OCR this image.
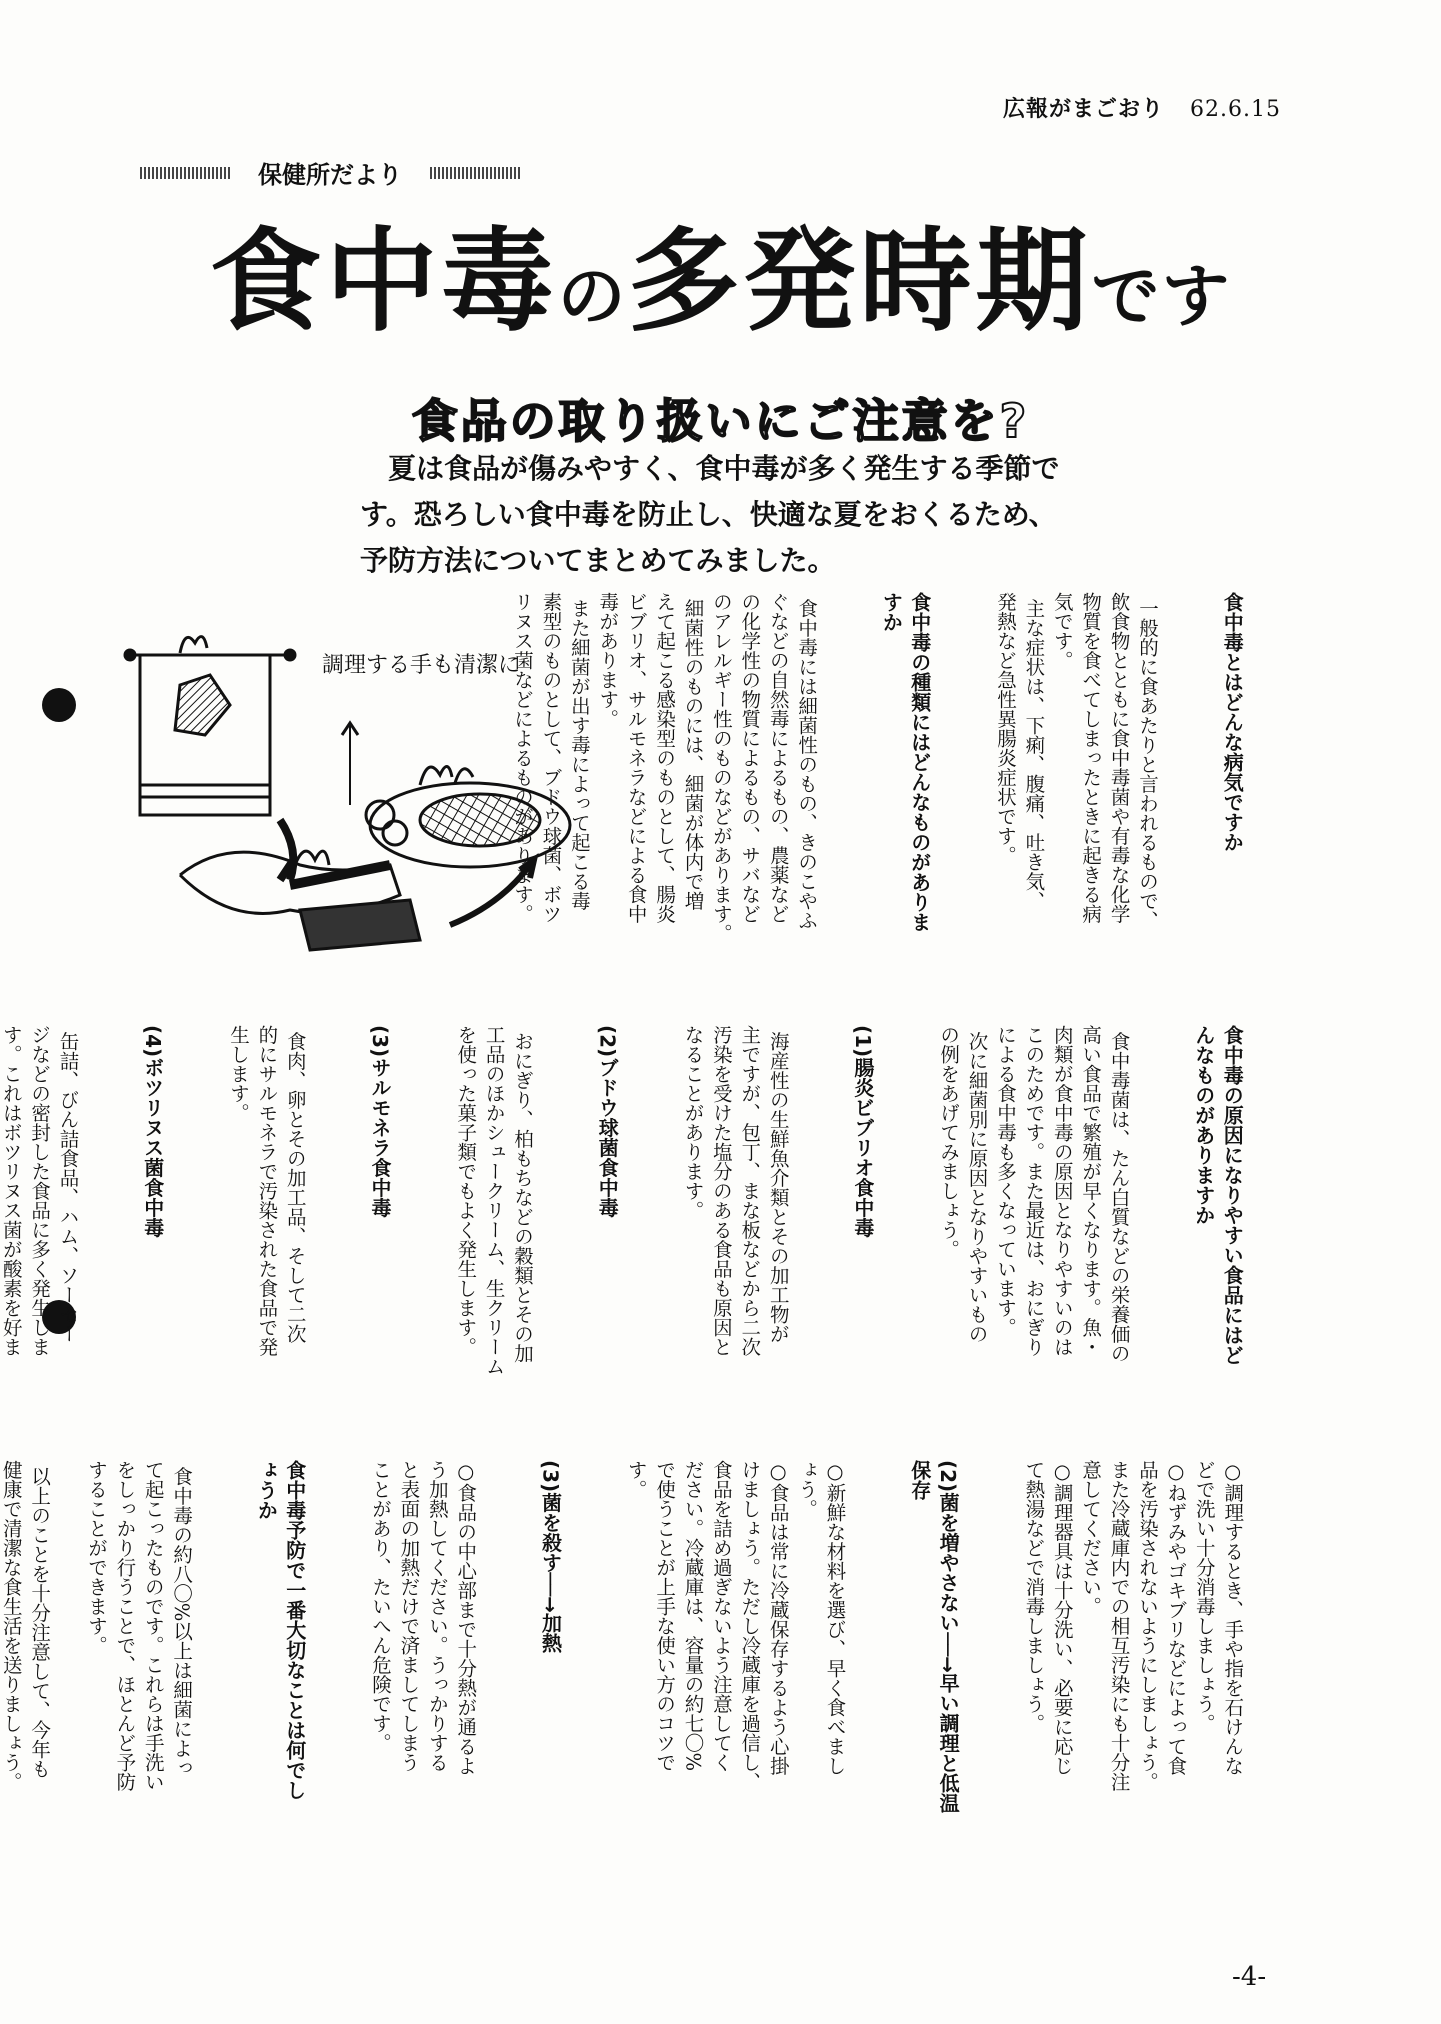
広報がまごおり 62.6.15
保健所だより
食中毒の多発時期です
食品の取り扱いにご注意を?

夏は食品が傷みやすく、食中毒が多く発生する季節で

す。恐ろしい食中毒を防止し、快適な夏をおくるため、

予防方法についてまとめてみました。

調理する手も清潔に

	食中毒とはどんな病気ですか

一般的に食あたりと言われるもので、
飲食物とともに食中毒菌や有毒な化学
物質を食べてしまったときに起きる病
気です。
主な症状は、下痢、腹痛、吐き気、
発熱など急性異腸炎症状です。

食中毒の種類にはどんなものがありま
すか

食中毒には細菌性のもの、きのこやふ
ぐなどの自然毒によるもの、農薬など
の化学性の物質によるもの、サバなど
のアレルギー性のものなどがあります。
細菌性のものには、細菌が体内で増
えて起こる感染型のものとして、腸炎
ビブリオ、サルモネラなどによる食中
毒があります。
また細菌が出す毒によって起こる毒
素型のものとして、ブドウ球菌、ボツ
リヌス菌などによるものがあります。

食中毒の原因になりやすい食品にはど
んなものがありますか

食中毒菌は、たん白質などの栄養価の
高い食品で繁殖が早くなります。魚・
肉類が食中毒の原因となりやすいのは
このためです。また最近は、おにぎり
による食中毒も多くなっています。
次に細菌別に原因となりやすいもの
の例をあげてみましょう。

(1)腸炎ビブリオ食中毒

海産性の生鮮魚介類とその加工物が
主ですが、包丁、まな板などから二次
汚染を受けた塩分のある食品も原因と
なることがあります。

(2)ブドウ球菌食中毒

おにぎり、柏もちなどの穀類とその加
工品のほかシュークリーム、生クリーム
を使った菓子類でもよく発生します。

(3)サルモネラ食中毒

食肉、卵とその加工品、そして二次
的にサルモネラで汚染された食品で発
生します。

(4)ボツリヌス菌食中毒

缶詰、びん詰食品、ハム、ソーセー
ジなどの密封した食品に多く発生しま
す。これはボツリヌス菌が酸素を好ま

○調理するとき、手や指を石けんな
どで洗い十分消毒しましょう。
○ねずみやゴキブリなどによって食
品を汚染されないようにしましょう。
また冷蔵庫内での相互汚染にも十分注
意してください。
○調理器具は十分洗い、必要に応じ
て熱湯などで消毒しましょう。

(2)菌を増やさない──→早い調理と低温
保存

○新鮮な材料を選び、早く食べまし
ょう。
○食品は常に冷蔵保存するよう心掛
けましょう。ただし冷蔵庫を過信し、
食品を詰め過ぎないよう注意してく
ださい。冷蔵庫は、容量の約七〇%
で使うことが上手な使い方のコツで
す。

(3)菌を殺す──→加熱

○食品の中心部まで十分熱が通るよ
う加熱してください。うっかりする
と表面の加熱だけで済ましてしまう
ことがあり、たいへん危険です。

食中毒予防で一番大切なことは何でし
ょうか

食中毒の約八〇%以上は細菌によっ
て起こったものです。これらは手洗い
をしっかり行うことで、ほとんど予防
することができます。

以上のことを十分注意して、今年も
健康で清潔な食生活を送りましょう。

-4-
